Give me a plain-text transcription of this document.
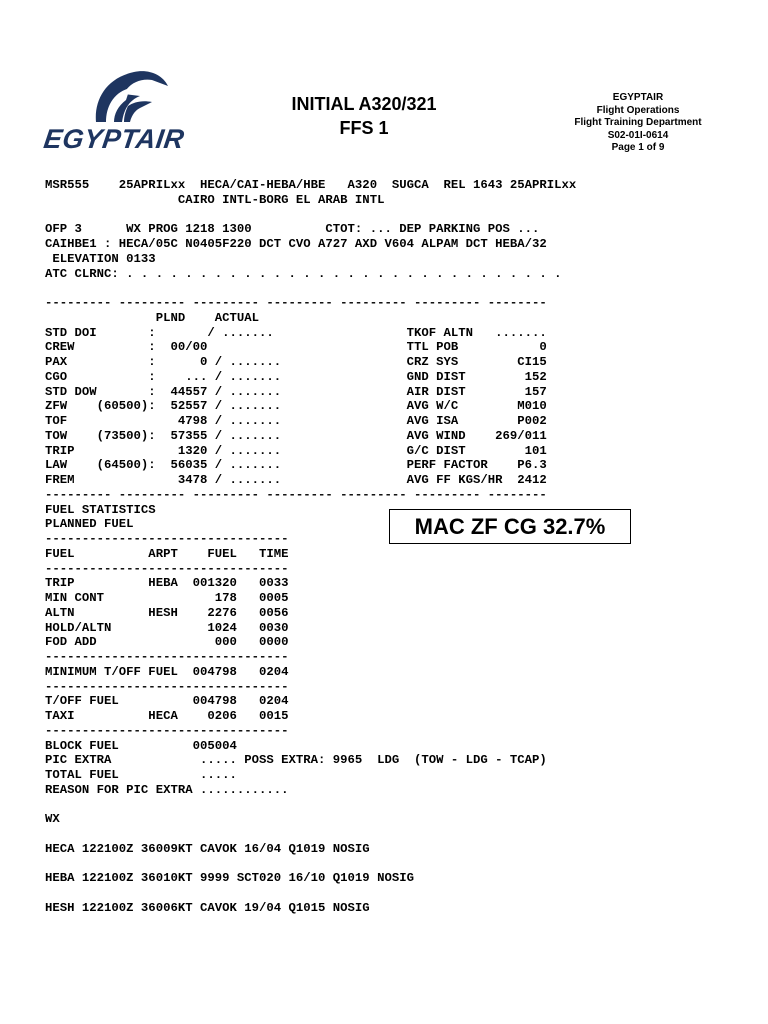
EGYPTAIR
INITIAL A320/321
FFS 1
EGYPTAIR
Flight Operations
Flight Training Department
S02-01I-0614
Page 1 of 9
MSR555    25APRILxx  HECA/CAI-HEBA/HBE   A320  SUGCA  REL 1643 25APRILxx
CAIRO INTL-BORG EL ARAB INTL
OFP 3      WX PROG 1218 1300          CTOT: ... DEP PARKING POS ...
CAIHBE1 : HECA/05C N0405F220 DCT CVO A727 AXD V604 ALPAM DCT HEBA/32
ELEVATION 0133
ATC CLRNC: . . . . . . . . . . . . . . . . . . . . . . . . . . . . . .
--------- --------- --------- --------- --------- --------- --------
PLND    ACTUAL
STD DOI       :       / .......                  TKOF ALTN   .......
CREW          :  00/00                           TTL POB           0
PAX           :      0 / .......                 CRZ SYS        CI15
CGO           :    ... / .......                 GND DIST        152
STD DOW       :  44557 / .......                 AIR DIST        157
ZFW    (60500):  52557 / .......                 AVG W/C        M010
TOF               4798 / .......                 AVG ISA        P002
TOW    (73500):  57355 / .......                 AVG WIND    269/011
TRIP              1320 / .......                 G/C DIST        101
LAW    (64500):  56035 / .......                 PERF FACTOR    P6.3
FREM              3478 / .......                 AVG FF KGS/HR  2412
--------- --------- --------- --------- --------- --------- --------
FUEL STATISTICS
PLANNED FUEL
---------------------------------
FUEL          ARPT    FUEL   TIME
---------------------------------
TRIP          HEBA  001320   0033
MIN CONT               178   0005
ALTN          HESH    2276   0056
HOLD/ALTN             1024   0030
FOD ADD                000   0000
---------------------------------
MINIMUM T/OFF FUEL  004798   0204
---------------------------------
T/OFF FUEL          004798   0204
TAXI          HECA    0206   0015
---------------------------------
BLOCK FUEL          005004
PIC EXTRA            ..... POSS EXTRA: 9965  LDG  (TOW - LDG - TCAP)
TOTAL FUEL           .....
REASON FOR PIC EXTRA ............
WX
HECA 122100Z 36009KT CAVOK 16/04 Q1019 NOSIG
HEBA 122100Z 36010KT 9999 SCT020 16/10 Q1019 NOSIG
HESH 122100Z 36006KT CAVOK 19/04 Q1015 NOSIG
MAC ZF CG 32.7%
